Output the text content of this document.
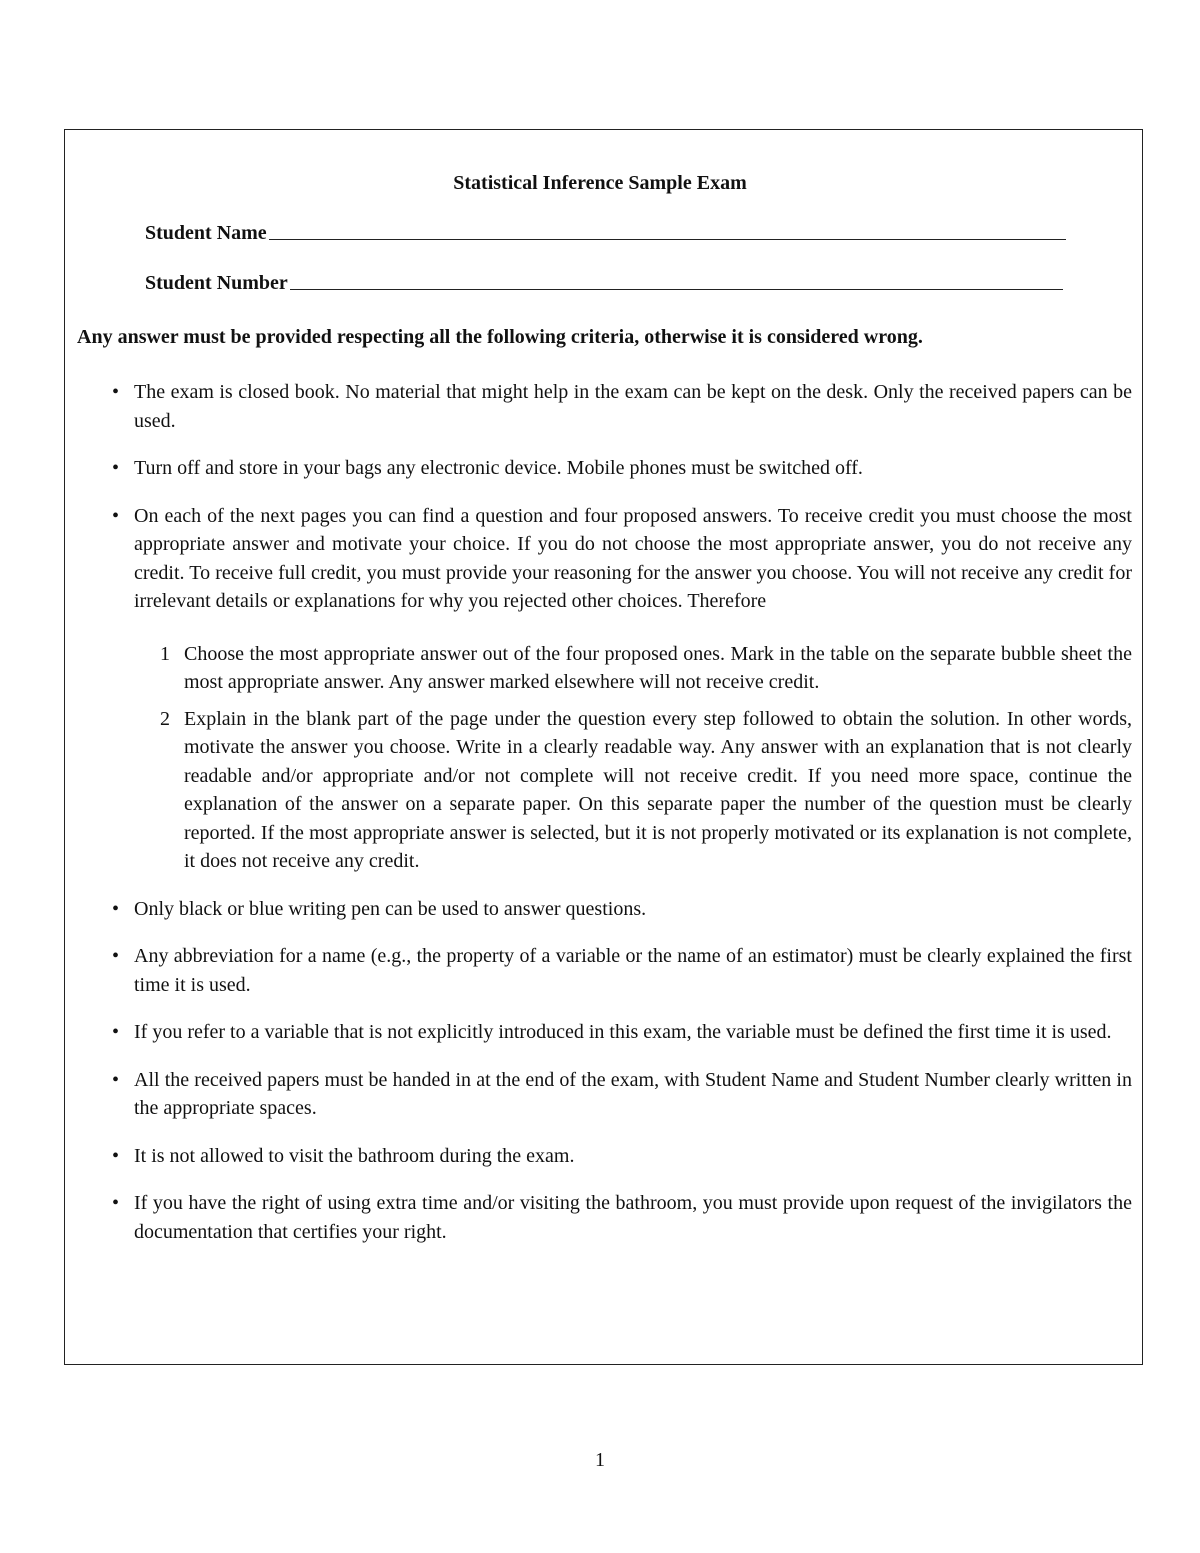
Statistical Inference Sample Exam
Student Name
Student Number
Any answer must be provided respecting all the following criteria, otherwise it is considered wrong.
• The exam is closed book. No material that might help in the exam can be kept on the desk. Only the received papers can be used.
• Turn off and store in your bags any electronic device. Mobile phones must be switched off.
• On each of the next pages you can find a question and four proposed answers. To receive credit you must choose the most appropriate answer and motivate your choice. If you do not choose the most appropriate answer, you do not receive any credit. To receive full credit, you must provide your reasoning for the answer you choose. You will not receive any credit for irrelevant details or explanations for why you rejected other choices. Therefore
1 Choose the most appropriate answer out of the four proposed ones. Mark in the table on the separate bubble sheet the most appropriate answer. Any answer marked elsewhere will not receive credit.
2 Explain in the blank part of the page under the question every step followed to obtain the solution. In other words, motivate the answer you choose. Write in a clearly readable way. Any answer with an explanation that is not clearly readable and/or appropriate and/or not complete will not receive credit. If you need more space, continue the explanation of the answer on a separate paper. On this separate paper the number of the question must be clearly reported. If the most appropriate answer is selected, but it is not properly motivated or its explanation is not complete, it does not receive any credit.
• Only black or blue writing pen can be used to answer questions.
• Any abbreviation for a name (e.g., the property of a variable or the name of an estimator) must be clearly explained the first time it is used.
• If you refer to a variable that is not explicitly introduced in this exam, the variable must be defined the first time it is used.
• All the received papers must be handed in at the end of the exam, with Student Name and Student Number clearly written in the appropriate spaces.
• It is not allowed to visit the bathroom during the exam.
• If you have the right of using extra time and/or visiting the bathroom, you must provide upon request of the invigilators the documentation that certifies your right.
1
